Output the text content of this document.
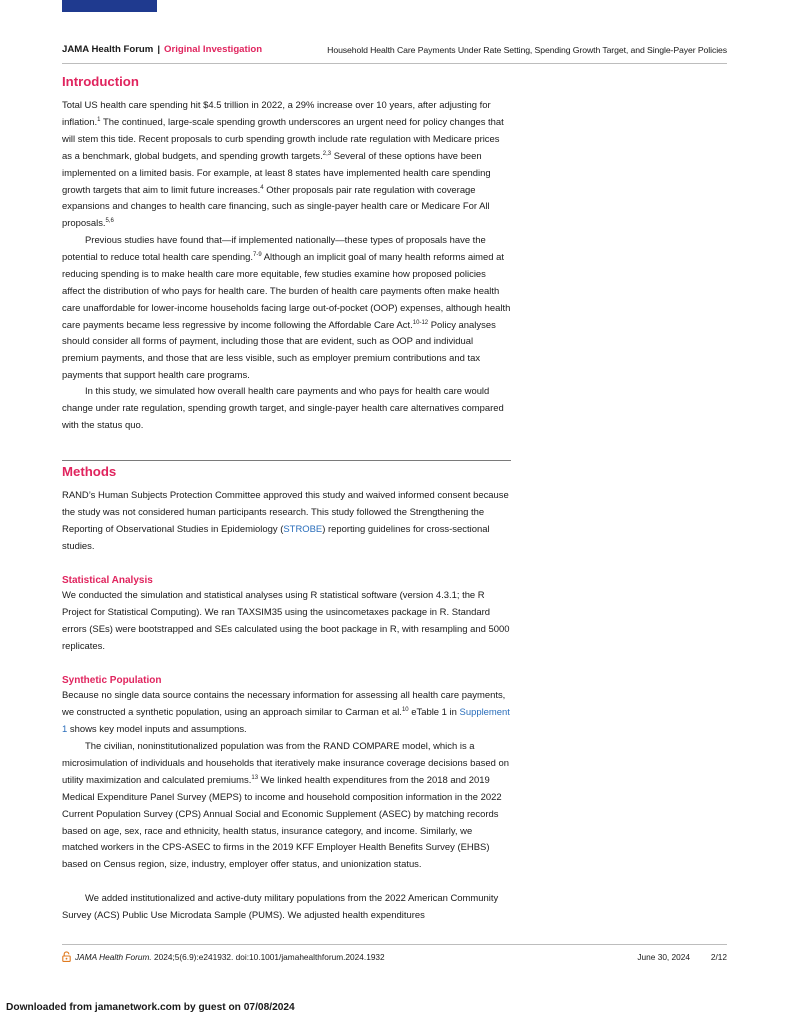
JAMA Health Forum | Original Investigation	Household Health Care Payments Under Rate Setting, Spending Growth Target, and Single-Payer Policies
Introduction

Total US health care spending hit $4.5 trillion in 2022, a 29% increase over 10 years, after adjusting for inflation.$^1$ The continued, large-scale spending growth underscores an urgent need for policy changes that will stem this tide. Recent proposals to curb spending growth include rate regulation with Medicare prices as a benchmark, global budgets, and spending growth targets.$^{2,3}$ Several of these options have been implemented on a limited basis. For example, at least 8 states have implemented health care spending growth targets that aim to limit future increases.$^4$ Other proposals pair rate regulation with coverage expansions and changes to health care financing, such as single-payer health care or Medicare For All proposals.$^{5,6}$

Previous studies have found that—if implemented nationally—these types of proposals have the potential to reduce total health care spending.$^{7-9}$ Although an implicit goal of many health reforms aimed at reducing spending is to make health care more equitable, few studies examine how proposed policies affect the distribution of who pays for health care. The burden of health care payments often make health care unaffordable for lower-income households facing large out-of-pocket (OOP) expenses, although health care payments became less regressive by income following the Affordable Care Act.$^{10-12}$ Policy analyses should consider all forms of payment, including those that are evident, such as OOP and individual premium payments, and those that are less visible, such as employer premium contributions and tax payments that support health care programs.

In this study, we simulated how overall health care payments and who pays for health care would change under rate regulation, spending growth target, and single-payer health care alternatives compared with the status quo.

Methods

RAND’s Human Subjects Protection Committee approved this study and waived informed consent because the study was not considered human participants research. This study followed the Strengthening the Reporting of Observational Studies in Epidemiology (STROBE) reporting guidelines for cross-sectional studies.

Statistical Analysis

We conducted the simulation and statistical analyses using R statistical software (version 4.3.1; the R Project for Statistical Computing). We ran TAXSIM35 using the usincometaxes package in R. Standard errors (SEs) were bootstrapped and SEs calculated using the boot package in R, with resampling and 5000 replicates.

Synthetic Population

Because no single data source contains the necessary information for assessing all health care payments, we constructed a synthetic population, using an approach similar to Carman et al.$^{10}$ eTable 1 in Supplement 1 shows key model inputs and assumptions.

The civilian, noninstitutionalized population was from the RAND COMPARE model, which is a microsimulation of individuals and households that iteratively make insurance coverage decisions based on utility maximization and calculated premiums.$^{13}$ We linked health expenditures from the 2018 and 2019 Medical Expenditure Panel Survey (MEPS) to income and household composition information in the 2022 Current Population Survey (CPS) Annual Social and Economic Supplement (ASEC) by matching records based on age, sex, race and ethnicity, health status, insurance category, and income. Similarly, we matched workers in the CPS-ASEC to firms in the 2019 KFF Employer Health Benefits Survey (EHBS) based on Census region, size, industry, employer offer status, and unionization status.

We added institutionalized and active-duty military populations from the 2022 American Community Survey (ACS) Public Use Microdata Sample (PUMS). We adjusted health expenditures

JAMA Health Forum. 2024;5(6.9):e241932. doi:10.1001/jamahealthforum.2024.1932	June 30, 2024	2/12
Downloaded from jamanetwork.com by guest on 07/08/2024
